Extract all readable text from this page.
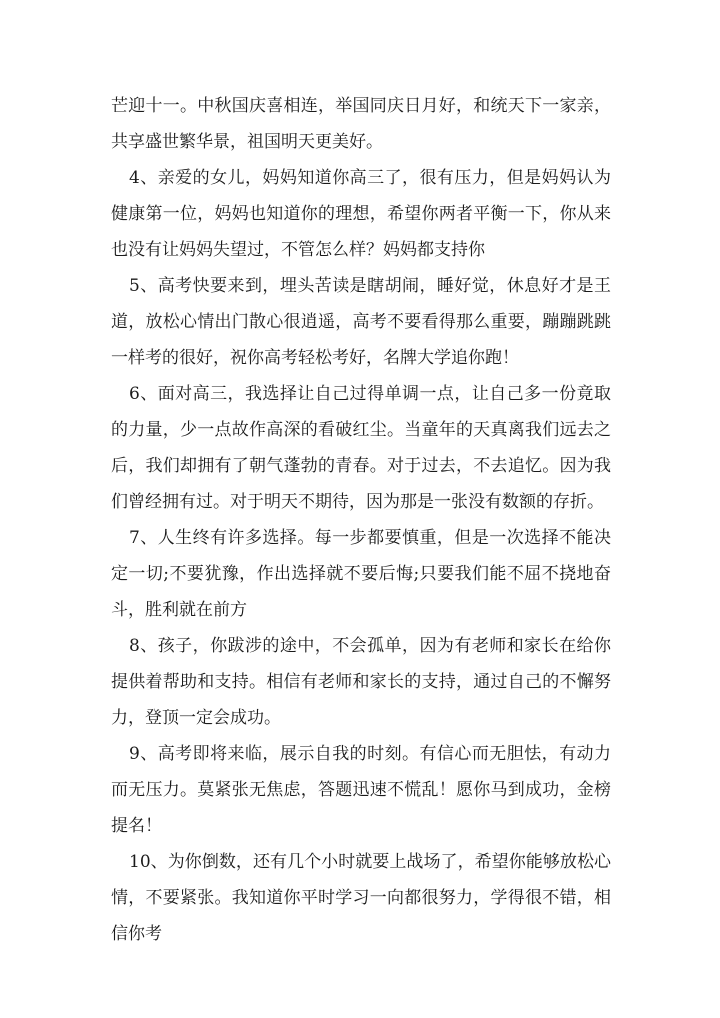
芒迎十一。中秋国庆喜相连，举国同庆日月好，和统天下一家亲，共享盛世繁华景，祖国明天更美好。

4、亲爱的女儿，妈妈知道你高三了，很有压力，但是妈妈认为健康第一位，妈妈也知道你的理想，希望你两者平衡一下，你从来也没有让妈妈失望过，不管怎么样？妈妈都支持你

5、高考快要来到，埋头苦读是瞎胡闹，睡好觉，休息好才是王道，放松心情出门散心很逍遥，高考不要看得那么重要，蹦蹦跳跳一样考的很好，祝你高考轻松考好，名牌大学追你跑！

6、面对高三，我选择让自己过得单调一点，让自己多一份竟取的力量，少一点故作高深的看破红尘。当童年的天真离我们远去之后，我们却拥有了朝气蓬勃的青春。对于过去，不去追忆。因为我们曾经拥有过。对于明天不期待，因为那是一张没有数额的存折。

7、人生终有许多选择。每一步都要慎重，但是一次选择不能决定一切;不要犹豫，作出选择就不要后悔;只要我们能不屈不挠地奋斗，胜利就在前方

8、孩子，你跋涉的途中，不会孤单，因为有老师和家长在给你提供着帮助和支持。相信有老师和家长的支持，通过自己的不懈努力，登顶一定会成功。

9、高考即将来临，展示自我的时刻。有信心而无胆怯，有动力而无压力。莫紧张无焦虑，答题迅速不慌乱！愿你马到成功，金榜提名！

10、为你倒数，还有几个小时就要上战场了，希望你能够放松心情，不要紧张。我知道你平时学习一向都很努力，学得很不错，相信你考
